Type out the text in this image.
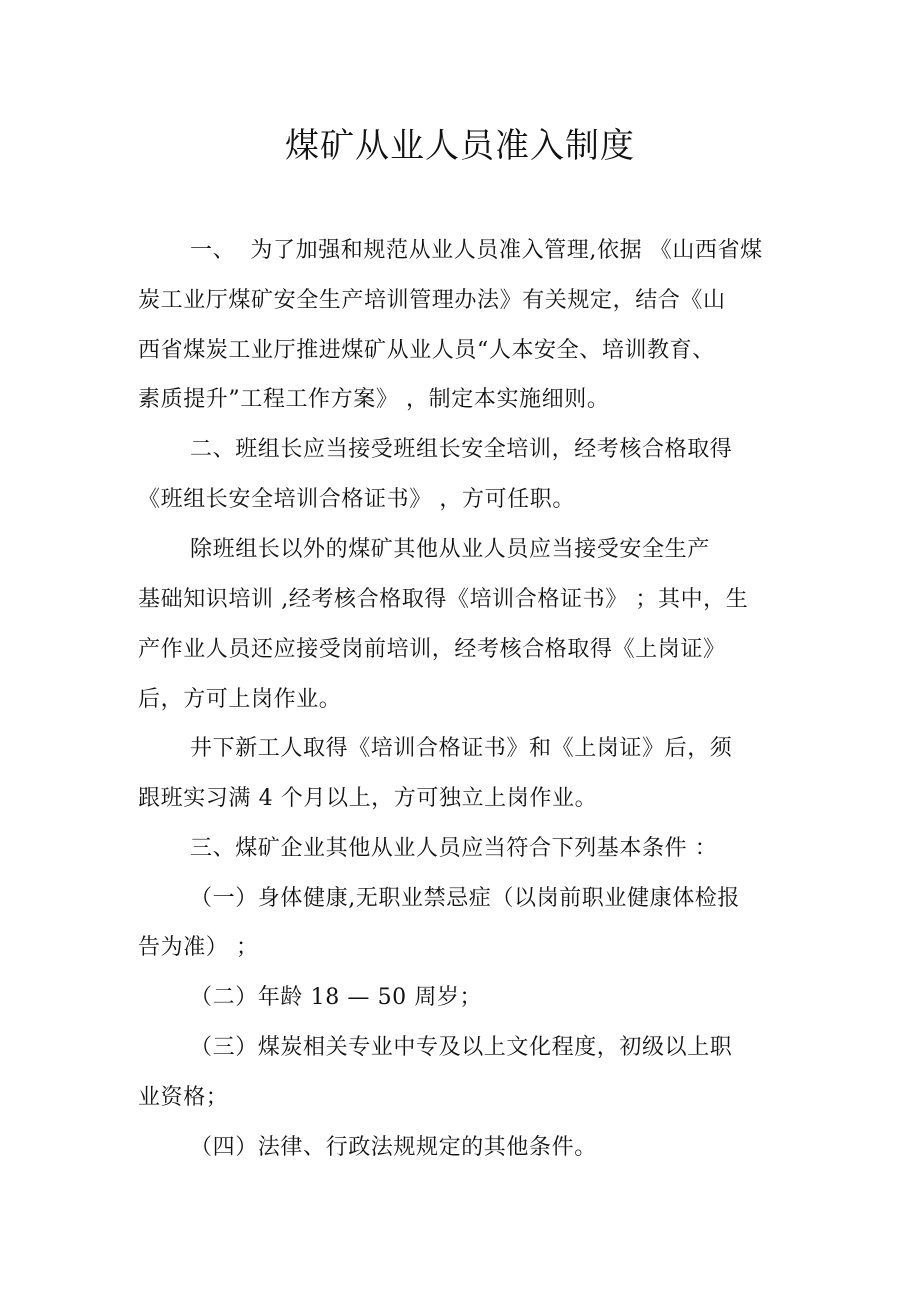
煤矿从业人员准入制度
一、  为了加强和规范从业人员准入管理,依据 《山西省煤
炭工业厅煤矿安全生产培训管理办法》有关规定，结合《山
西省煤炭工业厅推进煤矿从业人员“人本安全、培训教育、
素质提升”工程工作方案》 ，制定本实施细则。
二、班组长应当接受班组长安全培训，经考核合格取得
《班组长安全培训合格证书》 ，方可任职。
除班组长以外的煤矿其他从业人员应当接受安全生产
基础知识培训 ,经考核合格取得《培训合格证书》 ；其中，生
产作业人员还应接受岗前培训，经考核合格取得《上岗证》
后，方可上岗作业。
井下新工人取得《培训合格证书》和《上岗证》后，须
跟班实习满 4 个月以上，方可独立上岗作业。
三、煤矿企业其他从业人员应当符合下列基本条件 ：
（一）身体健康,无职业禁忌症（以岗前职业健康体检报
告为准） ；
（二）年龄 18 — 50 周岁；
（三）煤炭相关专业中专及以上文化程度，初级以上职
业资格；
（四）法律、行政法规规定的其他条件。
